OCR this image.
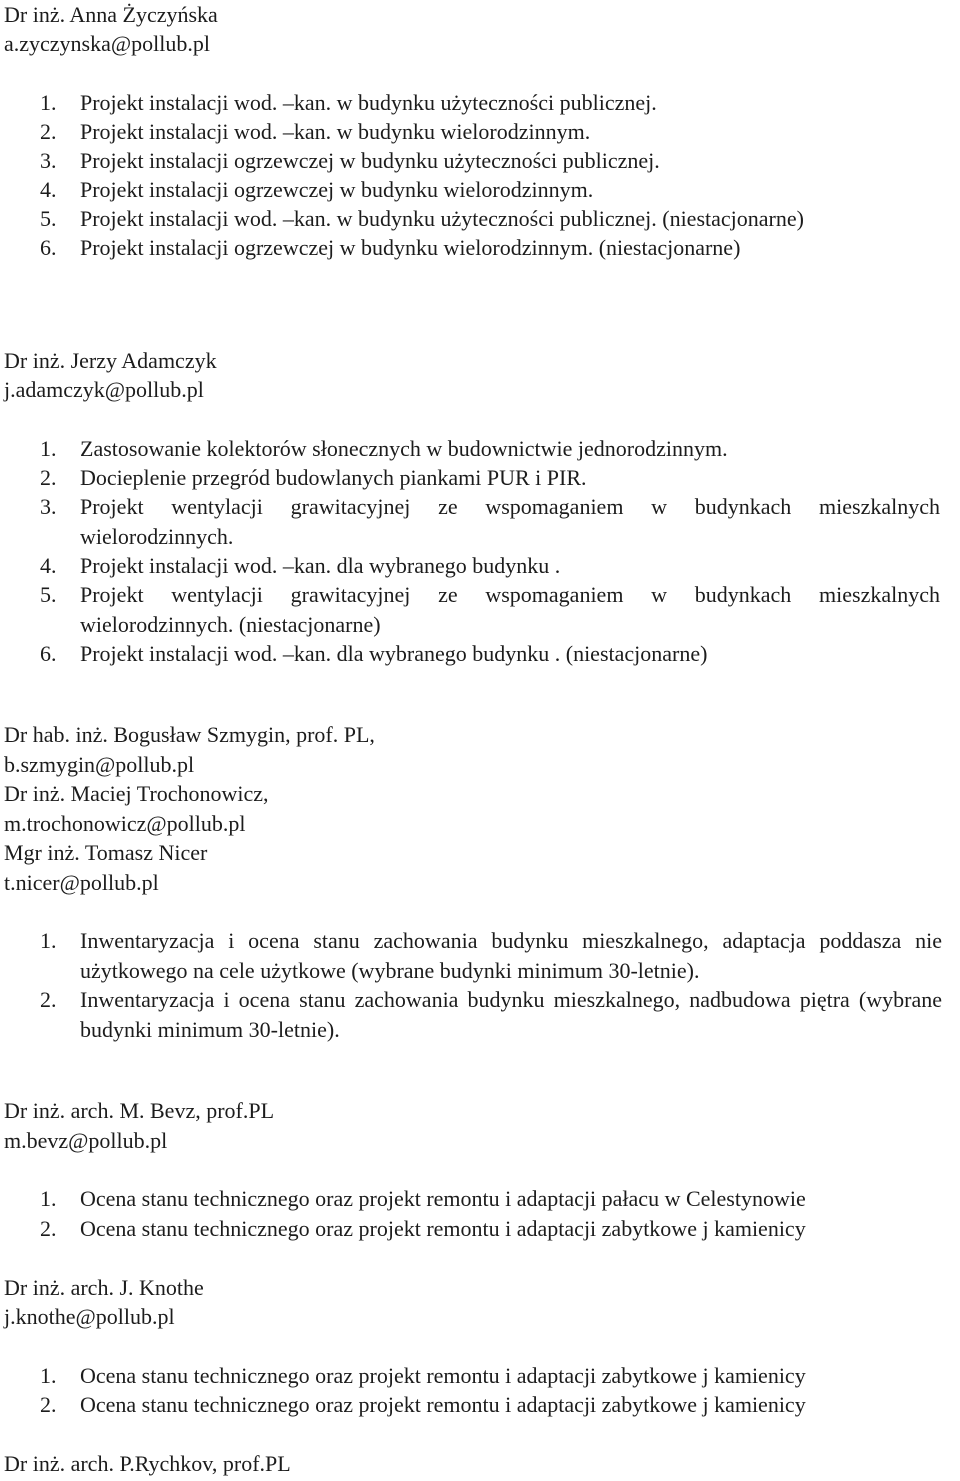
Dr inż. Anna Życzyńska
a.zyczynska@pollub.pl
1. Projekt instalacji wod. –kan. w budynku użyteczności publicznej.
2. Projekt instalacji wod. –kan. w budynku wielorodzinnym.
3. Projekt instalacji ogrzewczej w budynku użyteczności publicznej.
4. Projekt instalacji ogrzewczej w budynku wielorodzinnym.
5. Projekt instalacji wod. –kan. w budynku użyteczności publicznej. (niestacjonarne)
6. Projekt instalacji ogrzewczej w budynku wielorodzinnym. (niestacjonarne)
Dr inż. Jerzy Adamczyk
j.adamczyk@pollub.pl
1. Zastosowanie kolektorów słonecznych w budownictwie jednorodzinnym.
2. Docieplenie przegród budowlanych piankami PUR i PIR.
3. Projekt wentylacji grawitacyjnej ze wspomaganiem w budynkach mieszkalnych wielorodzinnych.
4. Projekt instalacji wod. –kan. dla wybranego budynku .
5. Projekt wentylacji grawitacyjnej ze wspomaganiem w budynkach mieszkalnych wielorodzinnych. (niestacjonarne)
6. Projekt instalacji wod. –kan. dla wybranego budynku . (niestacjonarne)
Dr hab. inż. Bogusław Szmygin, prof. PL,
b.szmygin@pollub.pl
Dr inż. Maciej Trochonowicz,
m.trochonowicz@pollub.pl
Mgr inż. Tomasz Nicer
t.nicer@pollub.pl
1. Inwentaryzacja i ocena stanu zachowania budynku mieszkalnego, adaptacja poddasza nie użytkowego na cele użytkowe (wybrane budynki minimum 30-letnie).
2. Inwentaryzacja i ocena stanu zachowania budynku mieszkalnego, nadbudowa piętra (wybrane budynki minimum 30-letnie).
Dr inż. arch. M. Bevz, prof.PL
m.bevz@pollub.pl
1. Ocena stanu technicznego oraz projekt remontu i adaptacji pałacu w Celestynowie
2. Ocena stanu technicznego oraz projekt remontu i adaptacji zabytkowe j kamienicy
Dr inż. arch. J. Knothe
j.knothe@pollub.pl
1. Ocena stanu technicznego oraz projekt remontu i adaptacji zabytkowe j kamienicy
2. Ocena stanu technicznego oraz projekt remontu i adaptacji zabytkowe j kamienicy
Dr inż. arch. P.Rychkov, prof.PL
